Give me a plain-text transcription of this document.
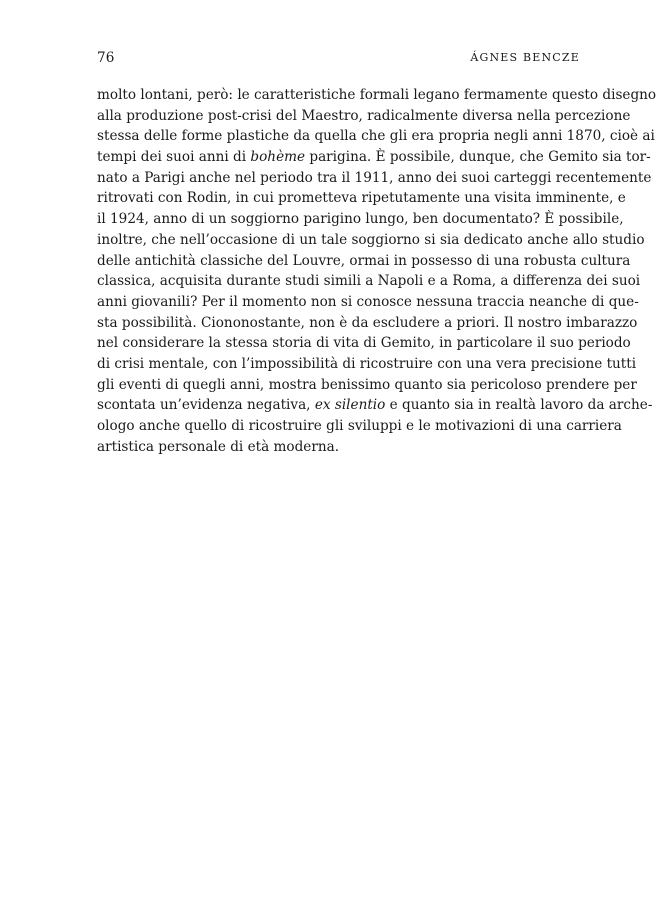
76	ÁGNES BENCZE

molto lontani, però: le caratteristiche formali legano fermamente questo disegno
alla produzione post-crisi del Maestro, radicalmente diversa nella percezione
stessa delle forme plastiche da quella che gli era propria negli anni 1870, cioè ai
tempi dei suoi anni di bohème parigina. È possibile, dunque, che Gemito sia tor-
nato a Parigi anche nel periodo tra il 1911, anno dei suoi carteggi recentemente
ritrovati con Rodin, in cui prometteva ripetutamente una visita imminente, e
il 1924, anno di un soggiorno parigino lungo, ben documentato? È possibile,
inoltre, che nell’occasione di un tale soggiorno si sia dedicato anche allo studio
delle antichità classiche del Louvre, ormai in possesso di una robusta cultura
classica, acquisita durante studi simili a Napoli e a Roma, a differenza dei suoi
anni giovanili? Per il momento non si conosce nessuna traccia neanche di que-
sta possibilità. Ciononostante, non è da escludere a priori. Il nostro imbarazzo
nel considerare la stessa storia di vita di Gemito, in particolare il suo periodo
di crisi mentale, con l’impossibilità di ricostruire con una vera precisione tutti
gli eventi di quegli anni, mostra benissimo quanto sia pericoloso prendere per
scontata un’evidenza negativa, ex silentio e quanto sia in realtà lavoro da arche-
ologo anche quello di ricostruire gli sviluppi e le motivazioni di una carriera
artistica personale di età moderna.
